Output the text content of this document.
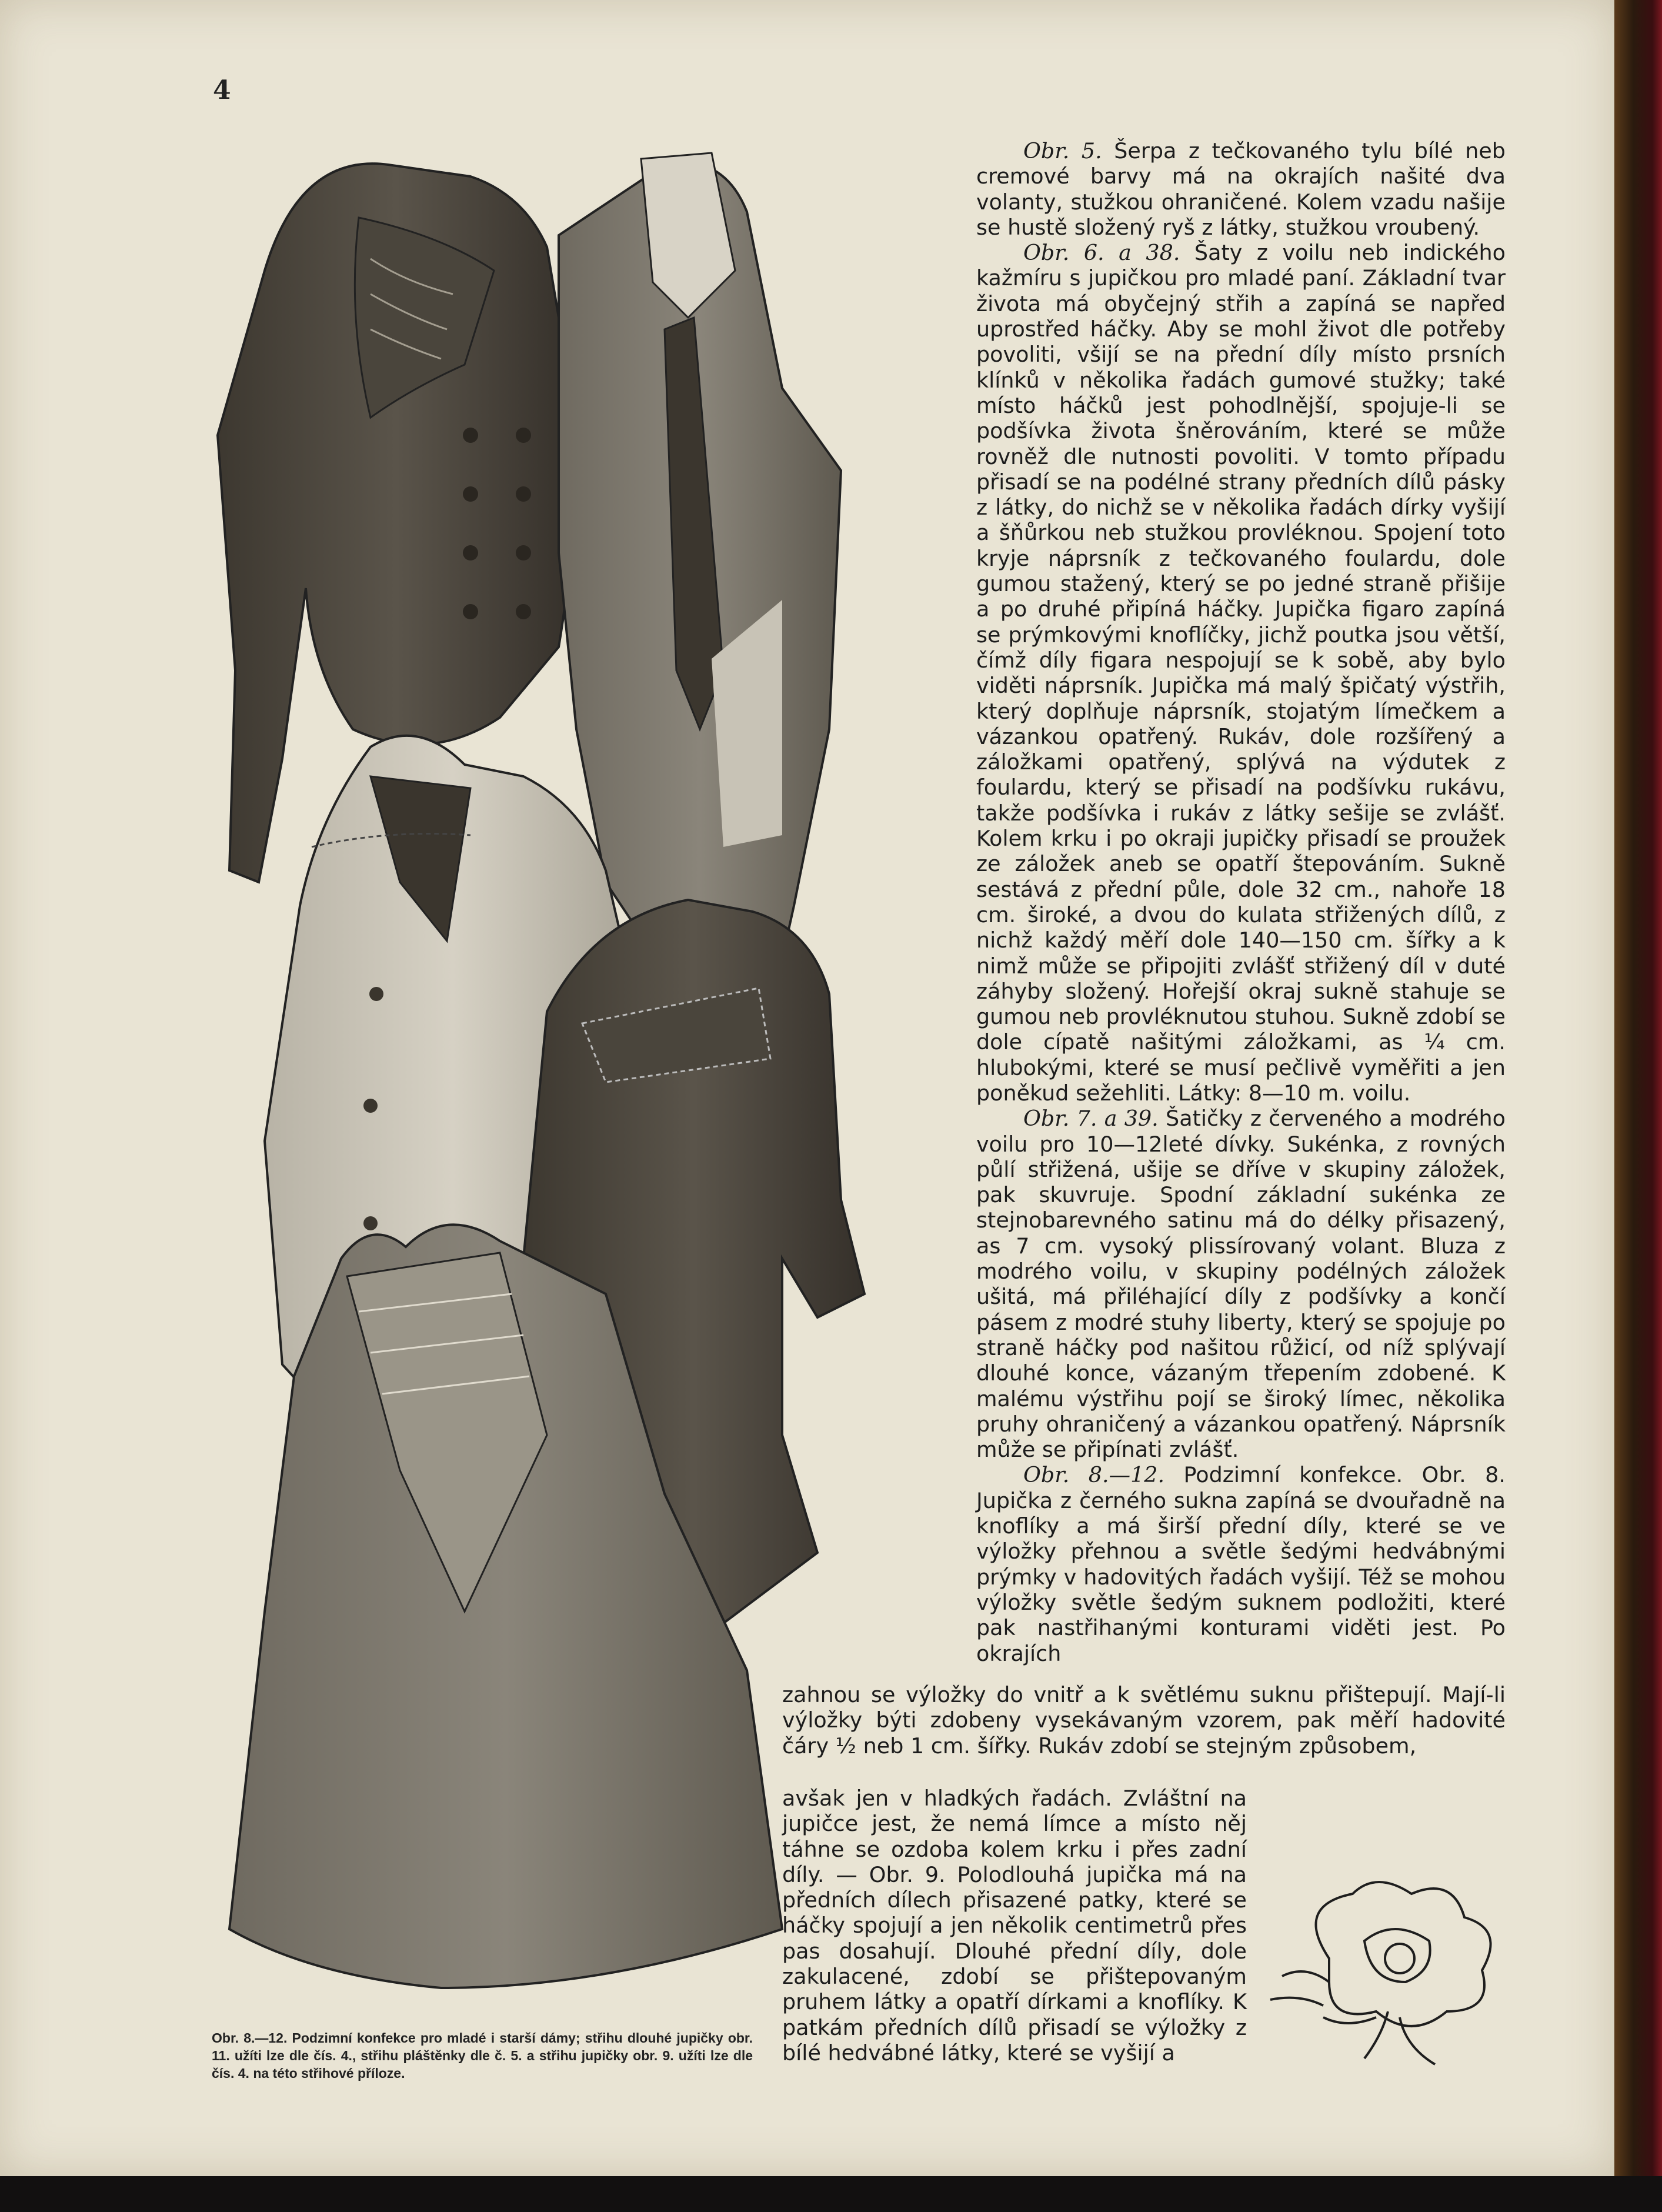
4
Obr. 8.—12. Podzimní konfekce pro mladé i starší dámy; střihu dlouhé jupičky obr. 11. užíti lze dle čís. 4., střihu pláštěnky dle č. 5. a střihu jupičky obr. 9. užíti lze dle čís. 4. na této střihové příloze.

Obr. 5. Šerpa z tečkovaného tylu bílé neb cremové barvy má na okrajích našité dva volanty, stužkou ohraničené. Kolem vzadu našije se hustě složený ryš z látky, stužkou vroubený.

Obr. 6. a 38. Šaty z voilu neb indického kažmíru s jupičkou pro mladé paní. Základní tvar života má obyčejný střih a zapíná se napřed uprostřed háčky. Aby se mohl život dle potřeby povoliti, všijí se na přední díly místo prsních klínků v několika řadách gumové stužky; také místo háčků jest pohodlnější, spojuje-li se podšívka života šněrováním, které se může rovněž dle nutnosti povoliti. V tomto případu přisadí se na podélné strany předních dílů pásky z látky, do nichž se v několika řadách dírky vyšijí a šňůrkou neb stužkou provléknou. Spojení toto kryje náprsník z tečkovaného foulardu, dole gumou stažený, který se po jedné straně přišije a po druhé připíná háčky. Jupička figaro zapíná se prýmkovými knoflíčky, jichž poutka jsou větší, čímž díly figara nespojují se k sobě, aby bylo viděti náprsník. Jupička má malý špičatý výstřih, který doplňuje náprsník, stojatým límečkem a vázankou opatřený. Rukáv, dole rozšířený a záložkami opatřený, splývá na výdutek z foulardu, který se přisadí na podšívku rukávu, takže podšívka i rukáv z látky sešije se zvlášť. Kolem krku i po okraji jupičky přisadí se proužek ze záložek aneb se opatří štepováním. Sukně sestává z přední půle, dole 32 cm., nahoře 18 cm. široké, a dvou do kulata střižených dílů, z nichž každý měří dole 140—150 cm. šířky a k nimž může se připojiti zvlášť střižený díl v duté záhyby složený. Hořejší okraj sukně stahuje se gumou neb provléknutou stuhou. Sukně zdobí se dole cípatě našitými záložkami, as ¼ cm. hlubokými, které se musí pečlivě vyměřiti a jen poněkud sežehliti. Látky: 8—10 m. voilu.

Obr. 7. a 39. Šatičky z červeného a modrého voilu pro 10—12leté dívky. Sukénka, z rovných půlí střižená, ušije se dříve v skupiny záložek, pak skuvruje. Spodní základní sukénka ze stejnobarevného satinu má do délky přisazený, as 7 cm. vysoký plissírovaný volant. Bluza z modrého voilu, v skupiny podélných záložek ušitá, má přiléhající díly z podšívky a končí pásem z modré stuhy liberty, který se spojuje po straně háčky pod našitou růžicí, od níž splývají dlouhé konce, vázaným třepením zdobené. K malému výstřihu pojí se široký límec, několika pruhy ohraničený a vázankou opatřený. Náprsník může se připínati zvlášť.

Obr. 8.—12. Podzimní konfekce. Obr. 8. Jupička z černého sukna zapíná se dvouřadně na knoflíky a má širší přední díly, které se ve výložky přehnou a světle šedými hedvábnými prýmky v hadovitých řadách vyšijí. Též se mohou výložky světle šedým suknem podložiti, které pak nastřihanými konturami viděti jest. Po okrajích

zahnou se výložky do vnitř a k světlému suknu přištepují. Mají-li výložky býti zdobeny vysekávaným vzorem, pak měří hadovité čáry ½ neb 1 cm. šířky. Rukáv zdobí se stejným způsobem,

avšak jen v hladkých řadách. Zvláštní na jupičce jest, že nemá límce a místo něj táhne se ozdoba kolem krku i přes zadní díly. — Obr. 9. Polodlouhá jupička má na předních dílech přisazené patky, které se háčky spojují a jen několik centimetrů přes pas dosahují. Dlouhé přední díly, dole zakulacené, zdobí se přištepovaným pruhem látky a opatří dírkami a knoflíky. K patkám předních dílů přisadí se výložky z bílé hedvábné látky, které se vyšijí a
